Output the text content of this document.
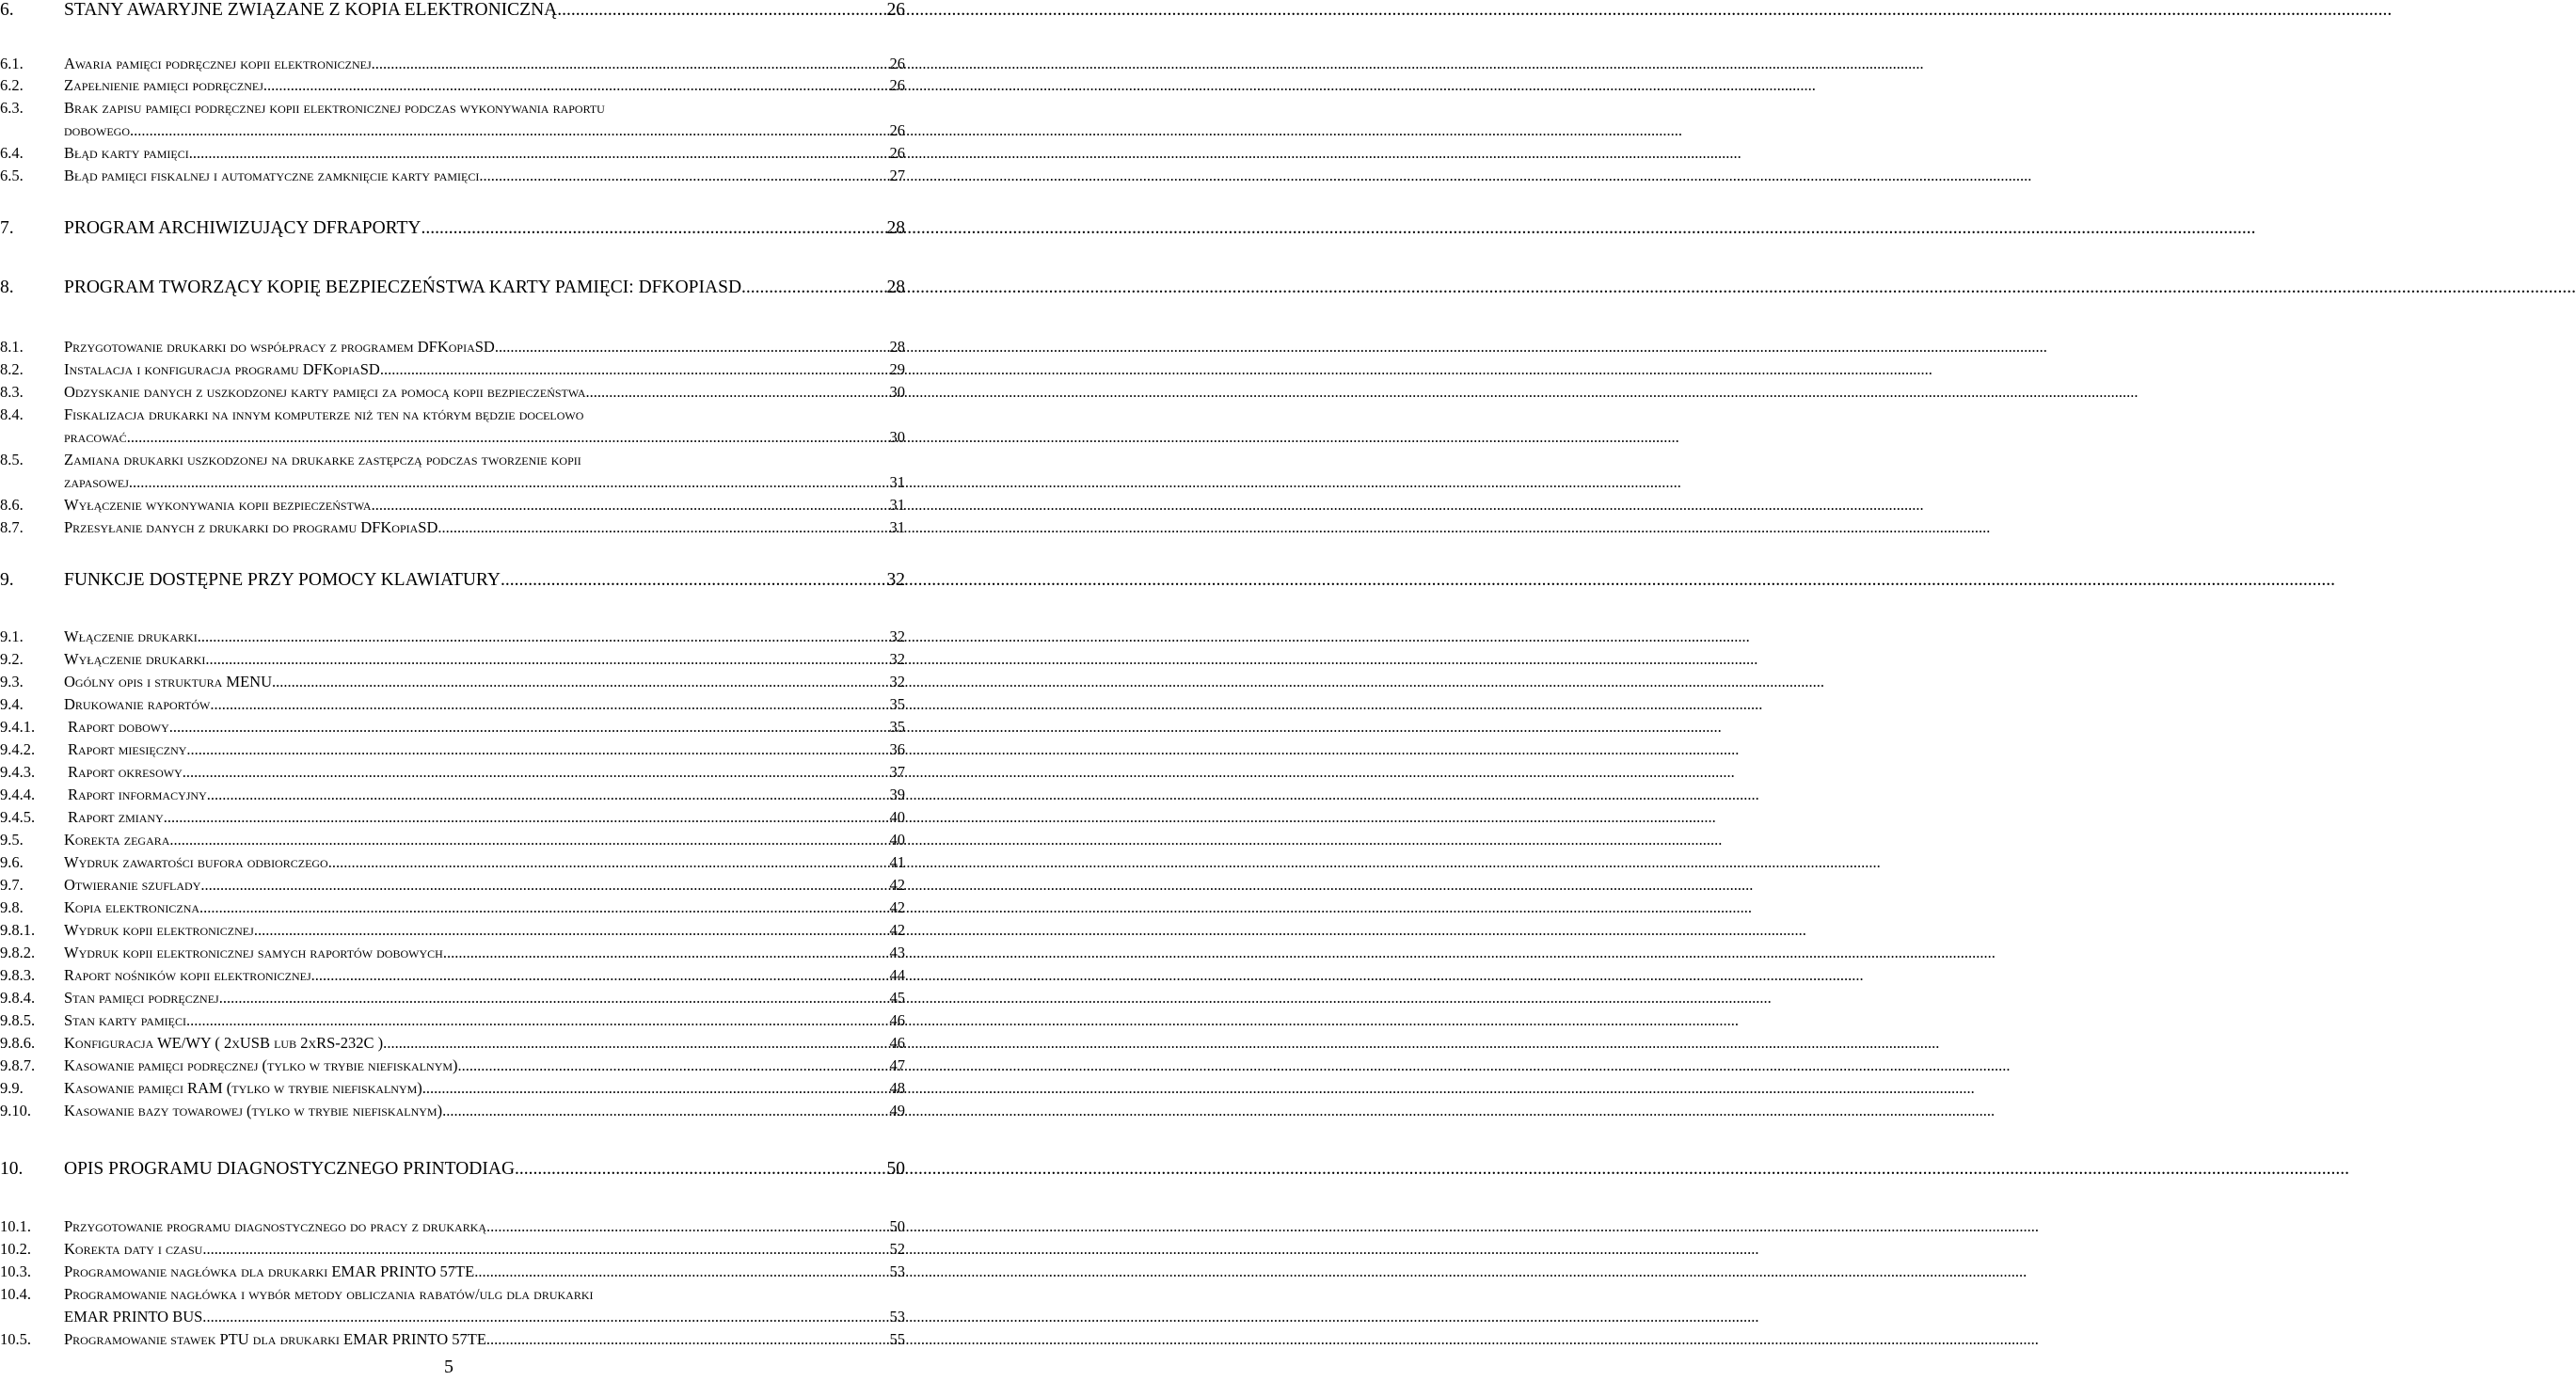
6.	STANY AWARYJNE ZWIĄZANE Z KOPIA ELEKTRONICZNĄ .....	26
6.1.	Awaria pamięci podręcznej kopii elektronicznej .....	26
6.2.	Zapełnienie pamięci podręcznej .....	26
6.3.	Brak zapisu pamięci podręcznej kopii elektronicznej podczas wykonywania raportu
dobowego .....	26
6.4.	Błąd karty pamięci .....	26
6.5.	Błąd pamięci fiskalnej i automatyczne zamknięcie karty pamięci .....	27
7.	PROGRAM ARCHIWIZUJĄCY DFRAPORTY .....	28
8.	PROGRAM TWORZĄCY KOPIĘ BEZPIECZEŃSTWA KARTY PAMIĘCI: DFKOPIASD .....	28
8.1.	Przygotowanie drukarki do współpracy z programem DFKopiaSD .....	28
8.2.	Instalacja i konfiguracja programu DFKopiaSD .....	29
8.3.	Odzyskanie danych z uszkodzonej karty pamięci za pomocą kopii bezpieczeństwa .....	30
8.4.	Fiskalizacja drukarki na innym komputerze niż ten na którym będzie docelowo
pracować .....	30
8.5.	Zamiana drukarki uszkodzonej na drukarke zastępczą podczas tworzenie kopii
zapasowej .....	31
8.6.	Wyłączenie wykonywania kopii bezpieczeństwa .....	31
8.7.	Przesyłanie danych z drukarki do programu DFKopiaSD .....	31
9.	FUNKCJE DOSTĘPNE PRZY POMOCY KLAWIATURY .....	32
9.1.	Włączenie drukarki .....	32
9.2.	Wyłączenie drukarki .....	32
9.3.	Ogólny opis i struktura MENU .....	32
9.4.	Drukowanie raportów .....	35
9.4.1.	Raport dobowy .....	35
9.4.2.	Raport miesięczny .....	36
9.4.3.	Raport okresowy .....	37
9.4.4.	Raport informacyjny .....	39
9.4.5.	Raport zmiany .....	40
9.5.	Korekta zegara .....	40
9.6.	Wydruk zawartości bufora odbiorczego .....	41
9.7.	Otwieranie szuflady .....	42
9.8.	Kopia elektroniczna .....	42
9.8.1.	Wydruk kopii elektronicznej .....	42
9.8.2.	Wydruk kopii elektronicznej samych raportów dobowych .....	43
9.8.3.	Raport nośników kopii elektronicznej .....	44
9.8.4.	Stan pamięci podręcznej .....	45
9.8.5.	Stan karty pamięci .....	46
9.8.6.	Konfiguracja WE/WY ( 2xUSB lub 2xRS-232C ). .....	46
9.8.7.	Kasowanie pamięci podręcznej (tylko w trybie niefiskalnym) .....	47
9.9.	Kasowanie pamięci RAM (tylko w trybie niefiskalnym) .....	48
9.10.	Kasowanie bazy towarowej (tylko w trybie niefiskalnym) .....	49
10.	OPIS PROGRAMU DIAGNOSTYCZNEGO PRINTODIAG .....	50
10.1.	Przygotowanie programu diagnostycznego do pracy z drukarką .....	50
10.2.	Korekta daty i czasu. .....	52
10.3.	Programowanie nagłówka dla drukarki EMAR PRINTO 57TE .....	53
10.4.	Programowanie nagłówka i wybór metody obliczania rabatów/ulg dla drukarki
EMAR PRINTO BUS. .....	53
10.5.	Programowanie stawek PTU dla drukarki EMAR PRINTO 57TE .....	55
5
